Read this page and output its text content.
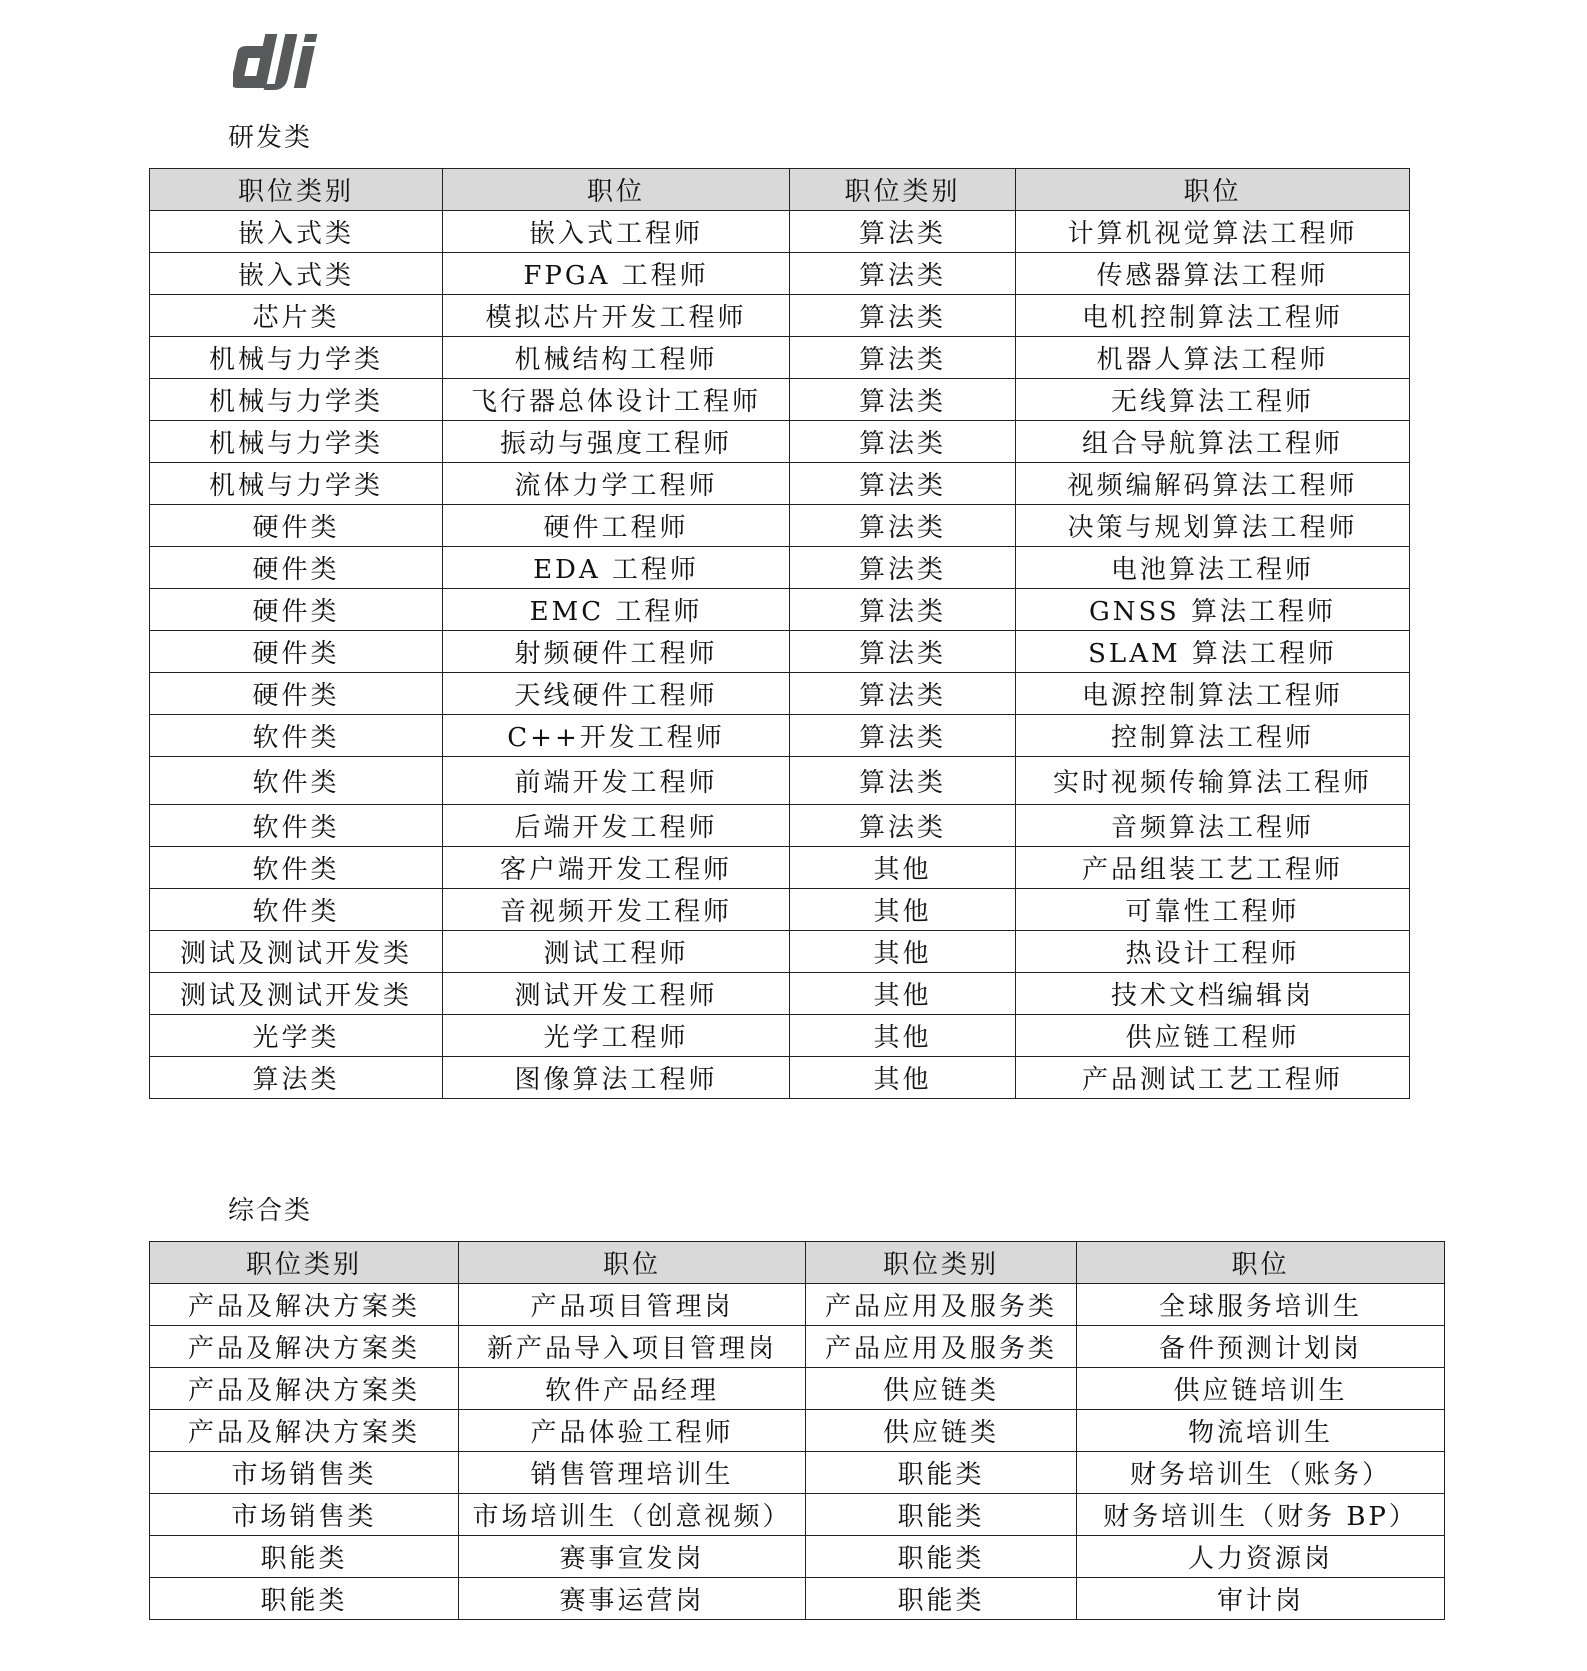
研发类
职位类别	职位	职位类别	职位
嵌入式类	嵌入式工程师	算法类	计算机视觉算法工程师
嵌入式类	FPGA 工程师	算法类	传感器算法工程师
芯片类	模拟芯片开发工程师	算法类	电机控制算法工程师
机械与力学类	机械结构工程师	算法类	机器人算法工程师
机械与力学类	飞行器总体设计工程师	算法类	无线算法工程师
机械与力学类	振动与强度工程师	算法类	组合导航算法工程师
机械与力学类	流体力学工程师	算法类	视频编解码算法工程师
硬件类	硬件工程师	算法类	决策与规划算法工程师
硬件类	EDA 工程师	算法类	电池算法工程师
硬件类	EMC 工程师	算法类	GNSS 算法工程师
硬件类	射频硬件工程师	算法类	SLAM 算法工程师
硬件类	天线硬件工程师	算法类	电源控制算法工程师
软件类	C++开发工程师	算法类	控制算法工程师
软件类	前端开发工程师	算法类	实时视频传输算法工程师
软件类	后端开发工程师	算法类	音频算法工程师
软件类	客户端开发工程师	其他	产品组装工艺工程师
软件类	音视频开发工程师	其他	可靠性工程师
测试及测试开发类	测试工程师	其他	热设计工程师
测试及测试开发类	测试开发工程师	其他	技术文档编辑岗
光学类	光学工程师	其他	供应链工程师
算法类	图像算法工程师	其他	产品测试工艺工程师
综合类
职位类别	职位	职位类别	职位
产品及解决方案类	产品项目管理岗	产品应用及服务类	全球服务培训生
产品及解决方案类	新产品导入项目管理岗	产品应用及服务类	备件预测计划岗
产品及解决方案类	软件产品经理	供应链类	供应链培训生
产品及解决方案类	产品体验工程师	供应链类	物流培训生
市场销售类	销售管理培训生	职能类	财务培训生（账务）
市场销售类	市场培训生（创意视频）	职能类	财务培训生（财务 BP）
职能类	赛事宣发岗	职能类	人力资源岗
职能类	赛事运营岗	职能类	审计岗
